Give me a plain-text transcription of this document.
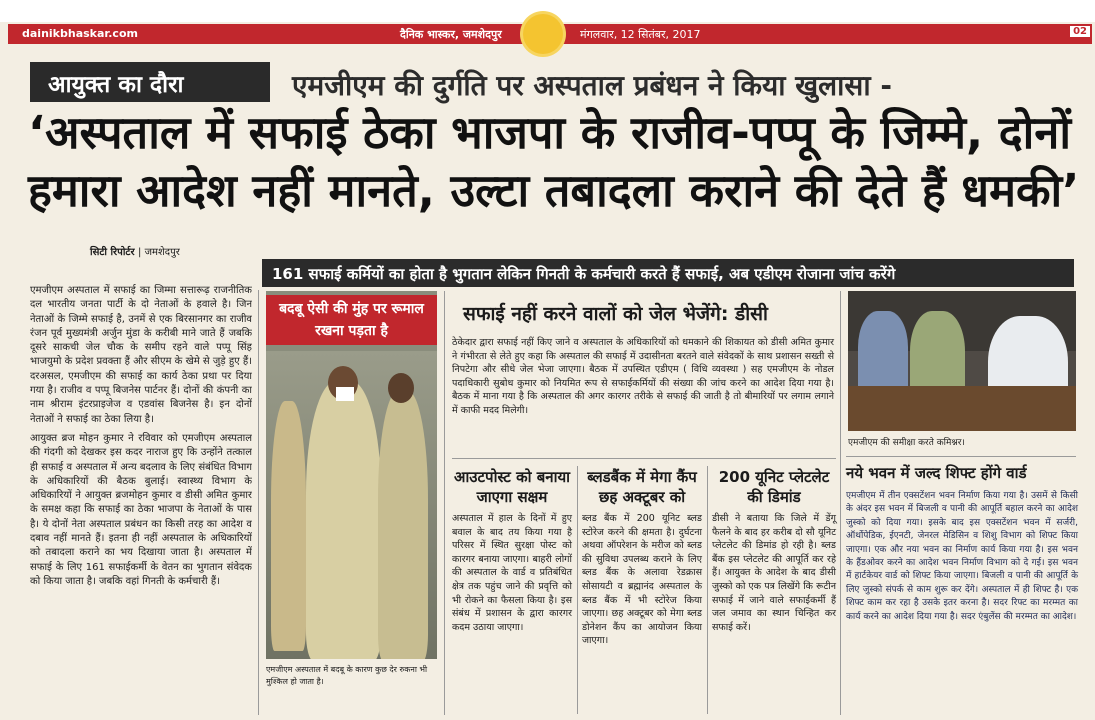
dainikbhaskar.com	दैनिक भास्कर, जमशेदपुर	मंगलवार, 12 सितंबर, 2017	02
आयुक्त का दौरा	एमजीएम की दुर्गति पर अस्पताल प्रबंधन ने किया खुलासा -
‘अस्पताल में सफाई ठेका भाजपा के राजीव-पप्पू के जिम्मे, दोनों
हमारा आदेश नहीं मानते, उल्टा तबादला कराने की देते हैं धमकी’
सिटी रिपोर्टर | जमशेदपुर
161 सफाई कर्मियों का होता है भुगतान लेकिन गिनती के कर्मचारी करते हैं सफाई, अब एडीएम रोजाना जांच करेंगे

एमजीएम अस्पताल में सफाई का जिम्मा सत्तारूढ़ राजनीतिक दल भारतीय जनता पार्टी के दो नेताओं के हवाले है। जिन नेताओं के जिम्मे सफाई है, उनमें से एक बिरसानगर का राजीव रंजन पूर्व मुख्यमंत्री अर्जुन मुंडा के करीबी माने जाते हैं जबकि दूसरे साकची जेल चौक के समीप रहने वाले पप्पू सिंह भाजयुमो के प्रदेश प्रवक्ता हैं और सीएम के खेमे से जुड़े हुए हैं। दरअसल, एमजीएम की सफाई का कार्य ठेका प्रथा पर दिया गया है। राजीव व पप्पू बिजनेस पार्टनर हैं। दोनों की कंपनी का नाम श्रीराम इंटरप्राइजेज व एडवांस बिजनेस है। इन दोनों नेताओं ने सफाई का ठेका लिया है।

आयुक्त ब्रज मोहन कुमार ने रविवार को एमजीएम अस्पताल की गंदगी को देखकर इस कदर नाराज हुए कि उन्होंने तत्काल ही सफाई व अस्पताल में अन्य बदलाव के लिए संबंधित विभाग के अधिकारियों की बैठक बुलाई। स्वास्थ्य विभाग के अधिकारियों ने आयुक्त ब्रजमोहन कुमार व डीसी अमित कुमार के समक्ष कहा कि सफाई का ठेका भाजपा के नेताओं के पास है। ये दोनों नेता अस्पताल प्रबंधन का किसी तरह का आदेश व दबाव नहीं मानते हैं। इतना ही नहीं अस्पताल के अधिकारियों को तबादला कराने का भय दिखाया जाता है। अस्पताल में सफाई के लिए 161 सफाईकर्मी के वेतन का भुगतान संवेदक को किया जाता है। जबकि वहां गिनती के कर्मचारी हैं।

बदबू ऐसी की मुंह पर रूमाल रखना पड़ता है
एमजीएम अस्पताल में बदबू के कारण कुछ देर रुकना भी मुश्किल हो जाता है।
सफाई नहीं करने वालों को जेल भेजेंगे: डीसी
ठेकेदार द्वारा सफाई नहीं किए जाने व अस्पताल के अधिकारियों को धमकाने की शिकायत को डीसी अमित कुमार ने गंभीरता से लेते हुए कहा कि अस्पताल की सफाई में उदासीनता बरतने वाले संवेदकों के साथ प्रशासन सख्ती से निपटेगा और सीधे जेल भेजा जाएगा। बैठक में उपस्थित एडीएम ( विधि व्यवस्था ) सह एमजीएम के नोडल पदाधिकारी सुबोध कुमार को नियमित रूप से सफाईकर्मियों की संख्या की जांच करने का आदेश दिया गया है। बैठक में माना गया है कि अस्पताल की अगर कारगर तरीके से सफाई की जाती है तो बीमारियों पर लगाम लगाने में काफी मदद मिलेगी।
एमजीएम की समीक्षा करते कमिश्नर।
आउटपोस्ट को बनाया जाएगा सक्षम
अस्पताल में हाल के दिनों में हुए बवाल के बाद तय किया गया है परिसर में स्थित सुरक्षा पोस्ट को कारगर बनाया जाएगा। बाहरी लोगों की अस्पताल के वार्ड व प्रतिबंधित क्षेत्र तक पहुंच जाने की प्रवृत्ति को भी रोकने का फैसला किया है। इस संबंध में प्रशासन के द्वारा कारगर कदम उठाया जाएगा।
ब्लडबैंक में मेगा कैंप छह अक्टूबर को
ब्लड बैंक में 200 यूनिट ब्लड स्टोरेज करने की क्षमता है। दुर्घटना अथवा ऑपरेशन के मरीज को ब्लड की सुविधा उपलब्ध कराने के लिए ब्लड बैंक के अलावा रेडक्रास सोसायटी व ब्रह्मानंद अस्पताल के ब्लड बैंक में भी स्टोरेज किया जाएगा। छह अक्टूबर को मेगा ब्लड डोनेशन कैंप का आयोजन किया जाएगा।
200 यूनिट प्लेटलेट की डिमांड
डीसी ने बताया कि जिले में डेंगू फैलने के बाद हर करीब दो सौ यूनिट प्लेटलेट की डिमांड हो रही है। ब्लड बैंक इस प्लेटलेट की आपूर्ति कर रहे हैं। आयुक्त के आदेश के बाद डीसी जुस्को को एक पत्र लिखेंगे कि रूटीन सफाई में जाने वाले सफाईकर्मी हैं जल जमाव का स्थान चिन्हित कर सफाई करें।
नये भवन में जल्द शिफ्ट होंगे वार्ड
एमजीएम में तीन एक्सटेंशन भवन निर्माण किया गया है। उसमें से किसी के अंदर इस भवन में बिजली व पानी की आपूर्ति बहाल करने का आदेश जुस्को को दिया गया। इसके बाद इस एक्सटेंशन भवन में सर्जरी, ऑर्थोपेडिक, ईएनटी, जेनरल मेडिसिन व शिशु विभाग को शिफ्ट किया जाएगा। एक और नया भवन का निर्माण कार्य किया गया है। इस भवन के हैंडओवर करने का आदेश भवन निर्माण विभाग को दे गई। इस भवन में हार्टकेयर वार्ड को शिफ्ट किया जाएगा। बिजली व पानी की आपूर्ति के लिए जुस्को संपर्क से काम शुरू कर देंगे। अस्पताल में ही शिफ्ट है। एक शिफ्ट काम कर रहा है उसके इतर करना है। सदर रिफ्ट का मरम्मत का कार्य करने का आदेश दिया गया है। सदर एंबुलेंस की मरम्मत का आदेश।
